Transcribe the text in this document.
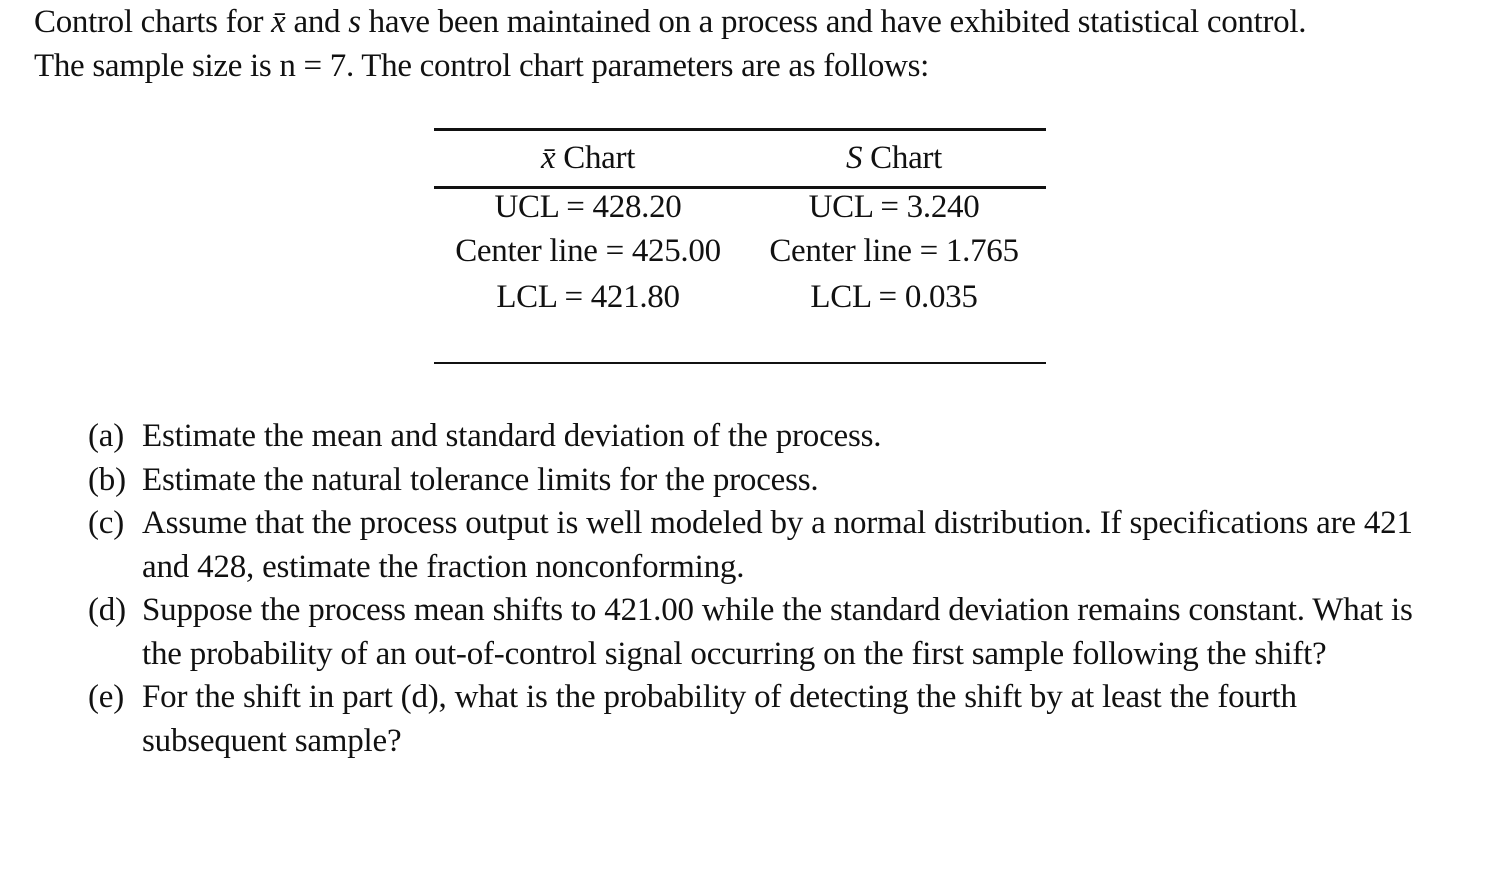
Control charts for x̄ and s have been maintained on a process and have exhibited statistical control.
The sample size is n = 7. The control chart parameters are as follows:
x̄ Chart	S Chart
UCL = 428.20	UCL = 3.240
Center line = 425.00	Center line = 1.765
LCL = 421.80	LCL = 0.035
(a) Estimate the mean and standard deviation of the process.
(b) Estimate the natural tolerance limits for the process.
(c) Assume that the process output is well modeled by a normal distribution. If specifications are 421 and 428, estimate the fraction nonconforming.
(d) Suppose the process mean shifts to 421.00 while the standard deviation remains constant. What is the probability of an out-of-control signal occurring on the first sample following the shift?
(e) For the shift in part (d), what is the probability of detecting the shift by at least the fourth subsequent sample?
